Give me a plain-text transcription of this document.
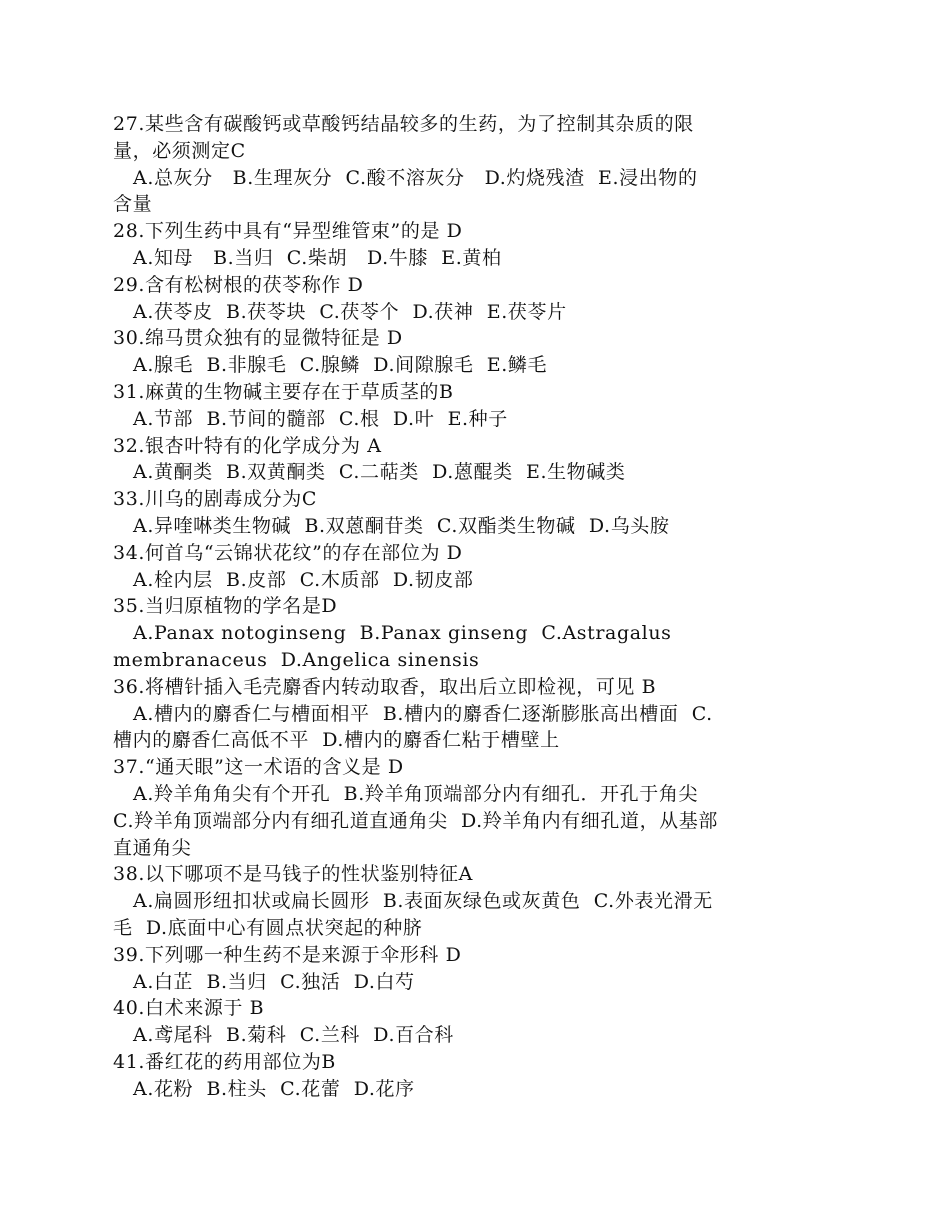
27.某些含有碳酸钙或草酸钙结晶较多的生药，为了控制其杂质的限
量，必须测定C
A.总灰分   B.生理灰分  C.酸不溶灰分   D.灼烧残渣  E.浸出物的
含量
28.下列生药中具有“异型维管束”的是 D
A.知母   B.当归  C.柴胡   D.牛膝  E.黄柏
29.含有松树根的茯苓称作 D
A.茯苓皮  B.茯苓块  C.茯苓个  D.茯神  E.茯苓片
30.绵马贯众独有的显微特征是 D
A.腺毛  B.非腺毛  C.腺鳞  D.间隙腺毛  E.鳞毛
31.麻黄的生物碱主要存在于草质茎的B
A.节部  B.节间的髓部  C.根  D.叶  E.种子
32.银杏叶特有的化学成分为 A
A.黄酮类  B.双黄酮类  C.二萜类  D.蒽醌类  E.生物碱类
33.川乌的剧毒成分为C
A.异喹啉类生物碱  B.双蒽酮苷类  C.双酯类生物碱  D.乌头胺
34.何首乌“云锦状花纹”的存在部位为 D
A.栓内层  B.皮部  C.木质部  D.韧皮部
35.当归原植物的学名是D
A.Panax notoginseng  B.Panax ginseng  C.Astragalus
membranaceus  D.Angelica sinensis
36.将槽针插入毛壳麝香内转动取香，取出后立即检视，可见 B
A.槽内的麝香仁与槽面相平  B.槽内的麝香仁逐渐膨胀高出槽面  C.
槽内的麝香仁高低不平  D.槽内的麝香仁粘于槽壁上
37.“通天眼”这一术语的含义是 D
A.羚羊角角尖有个开孔  B.羚羊角顶端部分内有细孔．开孔于角尖
C.羚羊角顶端部分内有细孔道直通角尖  D.羚羊角内有细孔道，从基部
直通角尖
38.以下哪项不是马钱子的性状鉴别特征A
A.扁圆形纽扣状或扁长圆形  B.表面灰绿色或灰黄色  C.外表光滑无
毛  D.底面中心有圆点状突起的种脐
39.下列哪一种生药不是来源于伞形科 D
A.白芷  B.当归  C.独活  D.白芍
40.白术来源于 B
A.鸢尾科  B.菊科  C.兰科  D.百合科
41.番红花的药用部位为B
A.花粉  B.柱头  C.花蕾  D.花序
